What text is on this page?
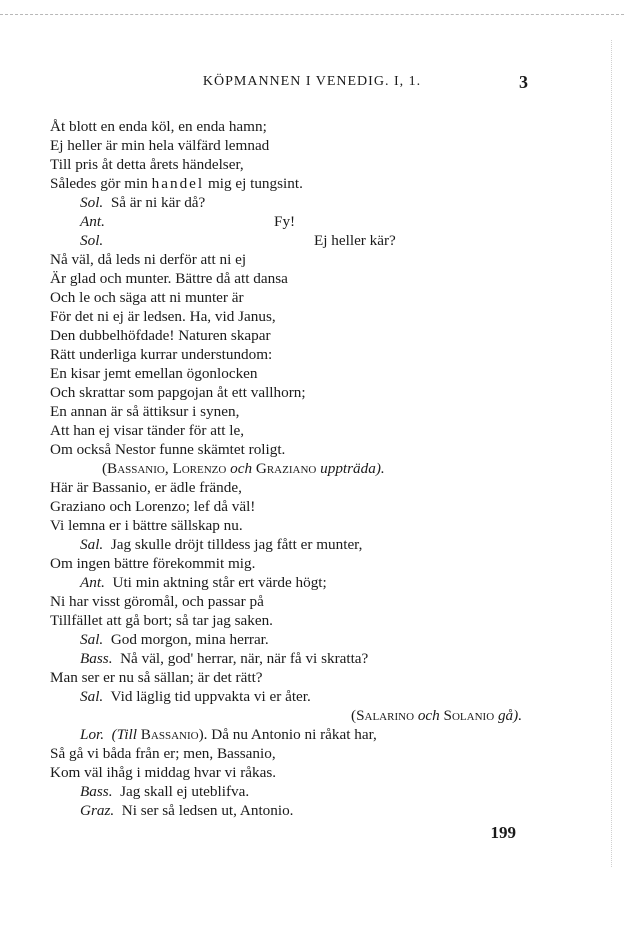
KÖPMANNEN I VENEDIG. I, 1.	3
Åt blott en enda köl, en enda hamn;
Ej heller är min hela välfärd lemnad
Till pris åt detta årets händelser,
Således gör min handel mig ej tungsint.
Sol. Så är ni kär då?
Ant.	Fy!
Sol.	Ej heller kär?
Nå väl, då leds ni derför att ni ej
Är glad och munter. Bättre då att dansa
Och le och säga att ni munter är
För det ni ej är ledsen. Ha, vid Janus,
Den dubbelhöfdade! Naturen skapar
Rätt underliga kurrar understundom:
En kisar jemt emellan ögonlocken
Och skrattar som papgojan åt ett vallhorn;
En annan är så ättiksur i synen,
Att han ej visar tänder för att le,
Om också Nestor funne skämtet roligt.
(Bassanio, Lorenzo och Graziano uppträda).
Här är Bassanio, er ädle frände,
Graziano och Lorenzo; lef då väl!
Vi lemna er i bättre sällskap nu.
Sal. Jag skulle dröjt tilldess jag fått er munter,
Om ingen bättre förekommit mig.
Ant. Uti min aktning står ert värde högt;
Ni har visst göromål, och passar på
Tillfället att gå bort; så tar jag saken.
Sal. God morgon, mina herrar.
Bass. Nå väl, god' herrar, när, när få vi skratta?
Man ser er nu så sällan; är det rätt?
Sal. Vid läglig tid uppvakta vi er åter.
(Salarino och Solanio gå).
Lor. (Till Bassanio). Då nu Antonio ni råkat har,
Så gå vi båda från er; men, Bassanio,
Kom väl ihåg i middag hvar vi råkas.
Bass. Jag skall ej uteblifva.
Graz. Ni ser så ledsen ut, Antonio.
199
